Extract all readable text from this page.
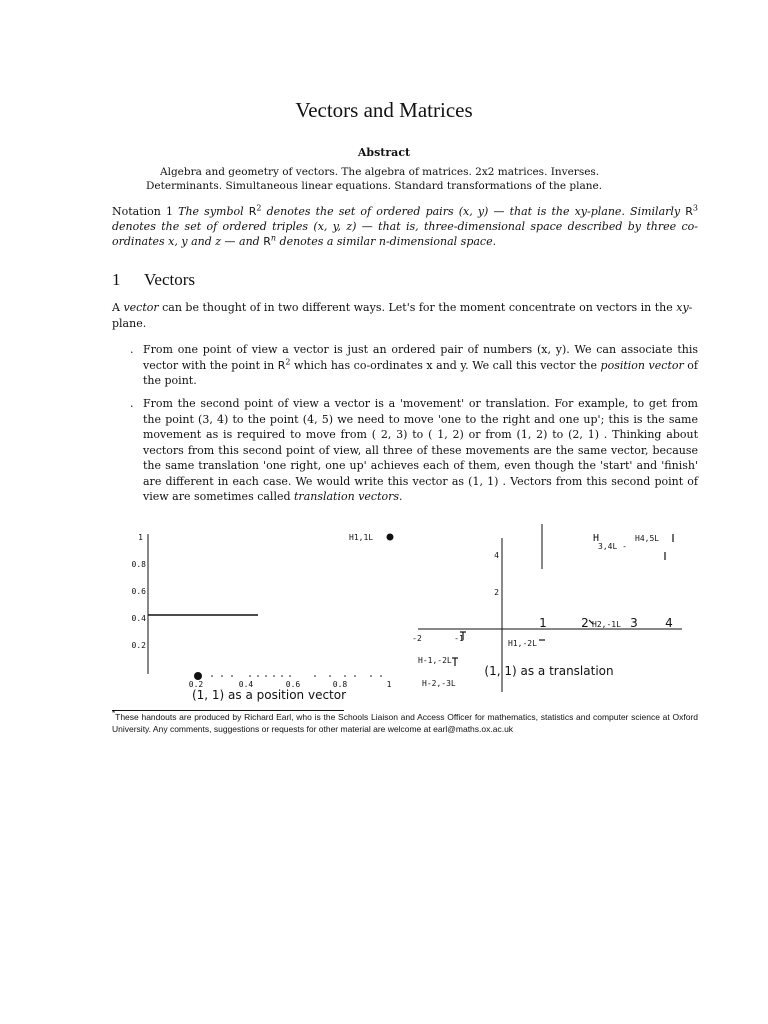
Vectors and Matrices
Abstract
Algebra and geometry of vectors. The algebra of matrices. 2x2 matrices. Inverses. Determinants. Simultaneous linear equations. Standard transformations of the plane.
Notation 1 The symbol $R^2$ denotes the set of ordered pairs (x, y) — that is the xy-plane. Similarly $R^3$ denotes the set of ordered triples (x, y, z) — that is, three-dimensional space described by three co-ordinates x, y and z — and $R^n$ denotes a similar n-dimensional space.
1 Vectors
A vector can be thought of in two different ways. Let's for the moment concentrate on vectors in the xy-plane.
. From one point of view a vector is just an ordered pair of numbers (x, y). We can associate this vector with the point in $R^2$ which has co-ordinates x and y. We call this vector the position vector of the point.
. From the second point of view a vector is a 'movement' or translation. For example, to get from the point (3, 4) to the point (4, 5) we need to move 'one to the right and one up'; this is the same movement as is required to move from ( 2, 3) to ( 1, 2) or from (1, 2) to (2, 1) . Thinking about vectors from this second point of view, all three of these movements are the same vector, because the same translation 'one right, one up' achieves each of them, even though the 'start' and 'finish' are different in each case. We would write this vector as (1, 1) . Vectors from this second point of view are sometimes called translation vectors.
1
0.8
0.6
0.4
0.2
H1,1L
0.2	0.4	0.6	0.8	1
(1, 1) as a position vector
4
2
1	2	3 4
-2	-1
H
3,4L -
H4,5L
H2,-1L
H1,-2L
H-1,-2L
H-2,-3L
(1, 1) as a translation
*These handouts are produced by Richard Earl, who is the Schools Liaison and Access Officer for mathematics, statistics and computer science at Oxford University. Any comments, suggestions or requests for other material are welcome at earl@maths.ox.ac.uk
